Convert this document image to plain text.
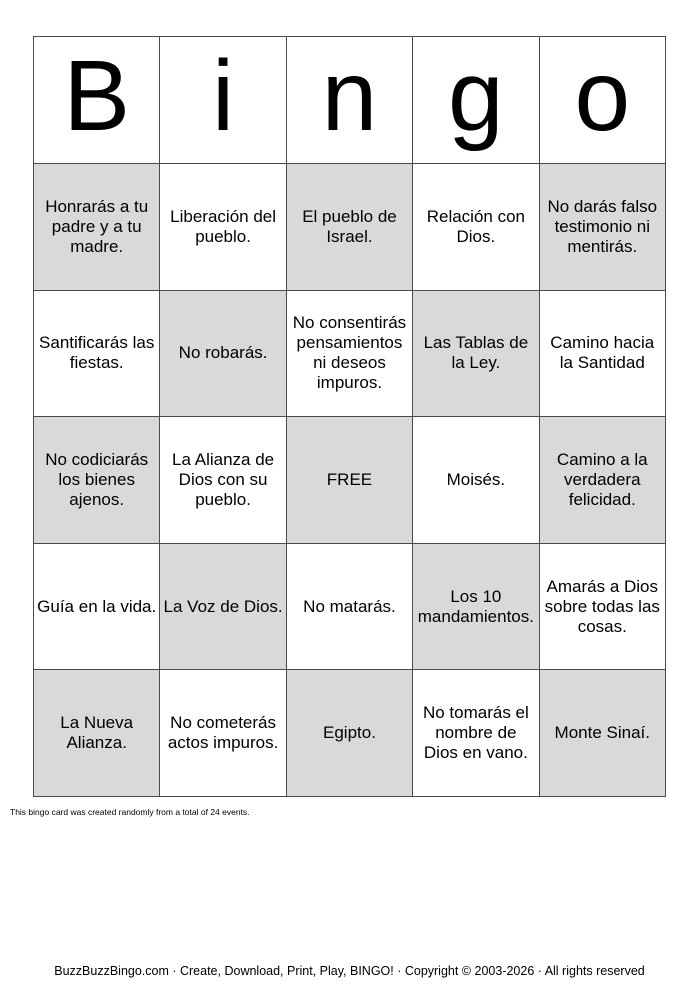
B	i	n	g	o

Honrarás a tu padre y a tu madre.	Liberación del pueblo.	El pueblo de Israel.	Relación con Dios.	No darás falso testimonio ni mentirás.
Santificarás las fiestas.	No robarás.	No consentirás pensamientos ni deseos impuros.	Las Tablas de la Ley.	Camino hacia la Santidad
No codiciarás los bienes ajenos.	La Alianza de Dios con su pueblo.	FREE	Moisés.	Camino a la verdadera felicidad.
Guía en la vida.	La Voz de Dios.	No matarás.	Los 10 mandamientos.	Amarás a Dios sobre todas las cosas.
La Nueva Alianza.	No cometerás actos impuros.	Egipto.	No tomarás el nombre de Dios en vano.	Monte Sinaí.
This bingo card was created randomly from a total of 24 events.
BuzzBuzzBingo.com · Create, Download, Print, Play, BINGO! · Copyright © 2003-2026 · All rights reserved
